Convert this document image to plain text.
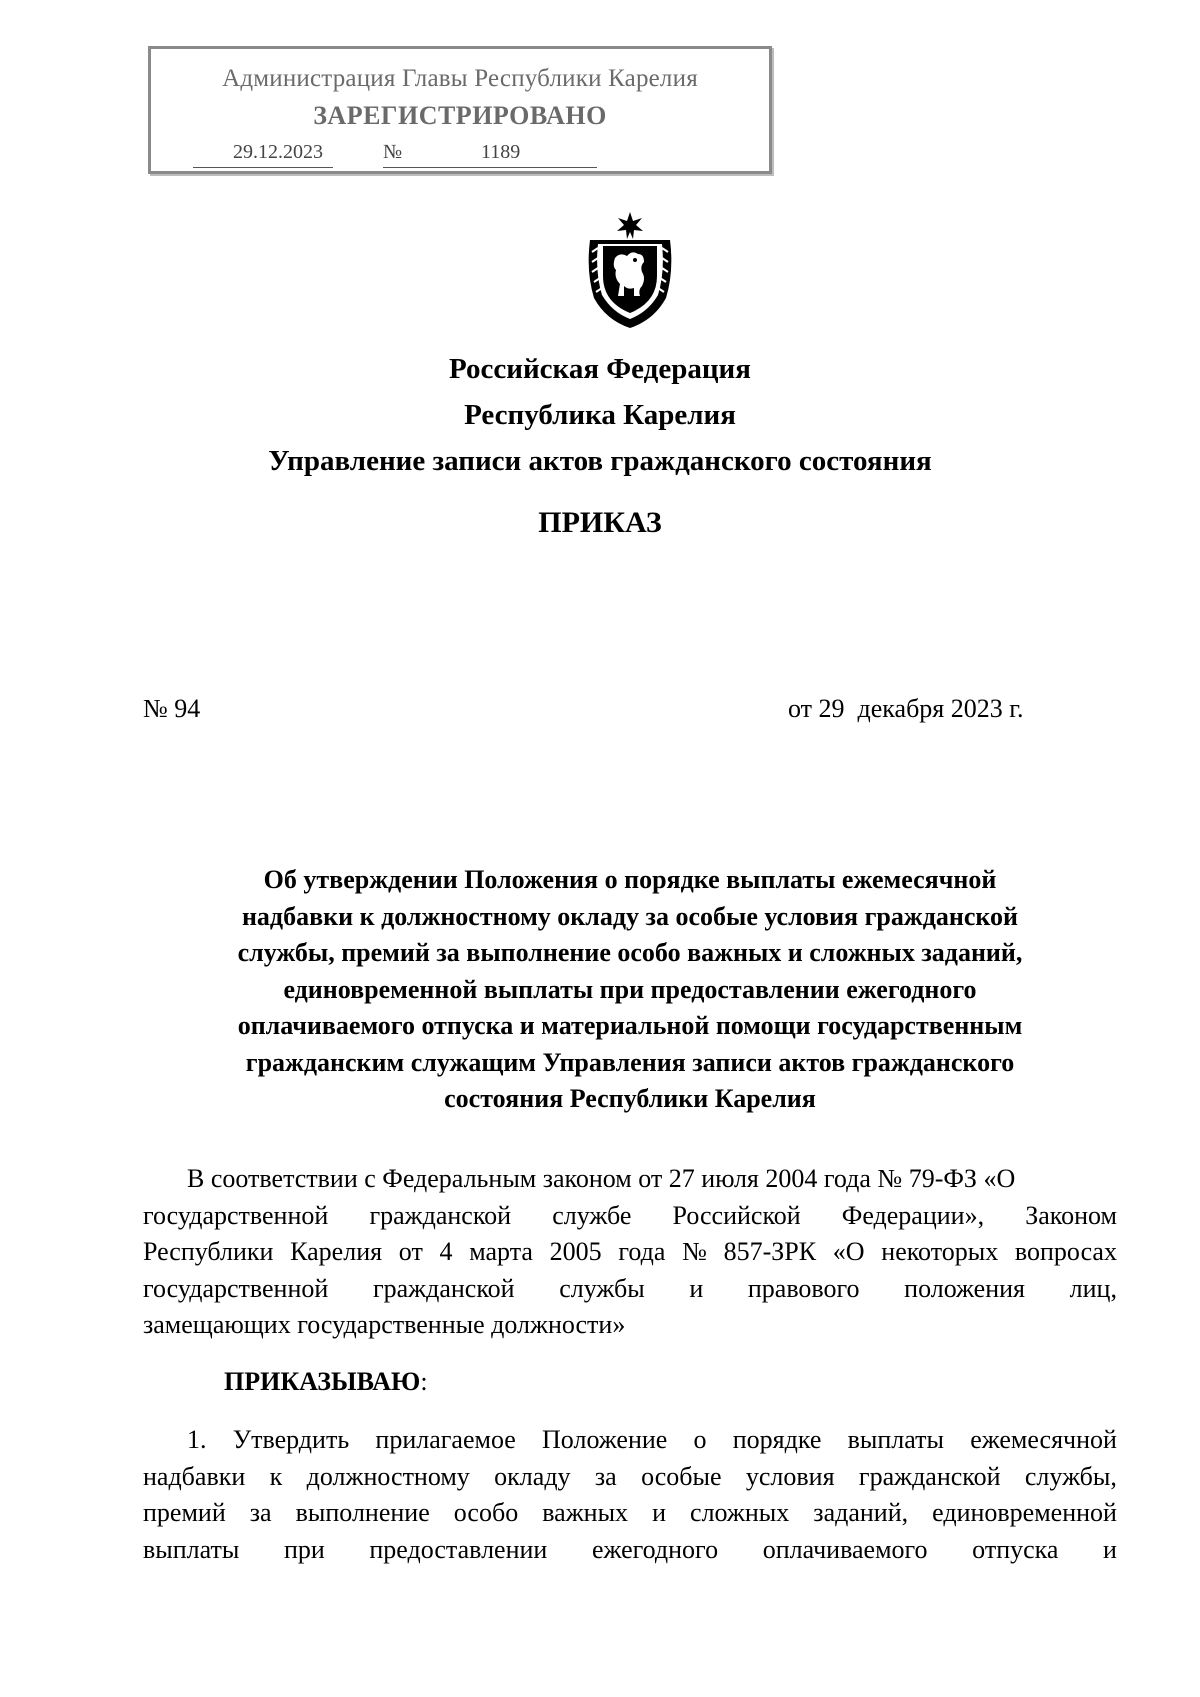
Администрация Главы Республики Карелия
ЗАРЕГИСТРИРОВАНО
29.12.2023	№	1189
Российская Федерация
Республика Карелия
Управление записи актов гражданского состояния
ПРИКАЗ
№ 94	от 29  декабря 2023 г.
Об утверждении Положения о порядке выплаты ежемесячной
надбавки к должностному окладу за особые условия гражданской
службы, премий за выполнение особо важных и сложных заданий,
единовременной выплаты при предоставлении ежегодного
оплачиваемого отпуска и материальной помощи государственным
гражданским служащим Управления записи актов гражданского
состояния Республики Карелия
В соответствии с Федеральным законом от 27 июля 2004 года № 79-ФЗ «О
государственной гражданской службе Российской Федерации», Законом
Республики Карелия от 4 марта 2005 года № 857-ЗРК «О некоторых вопросах
государственной гражданской службы и правового положения лиц,
замещающих государственные должности»
ПРИКАЗЫВАЮ:
1. Утвердить прилагаемое Положение о порядке выплаты ежемесячной
надбавки к должностному окладу за особые условия гражданской службы,
премий за выполнение особо важных и сложных заданий, единовременной
выплаты при предоставлении ежегодного оплачиваемого отпуска и
